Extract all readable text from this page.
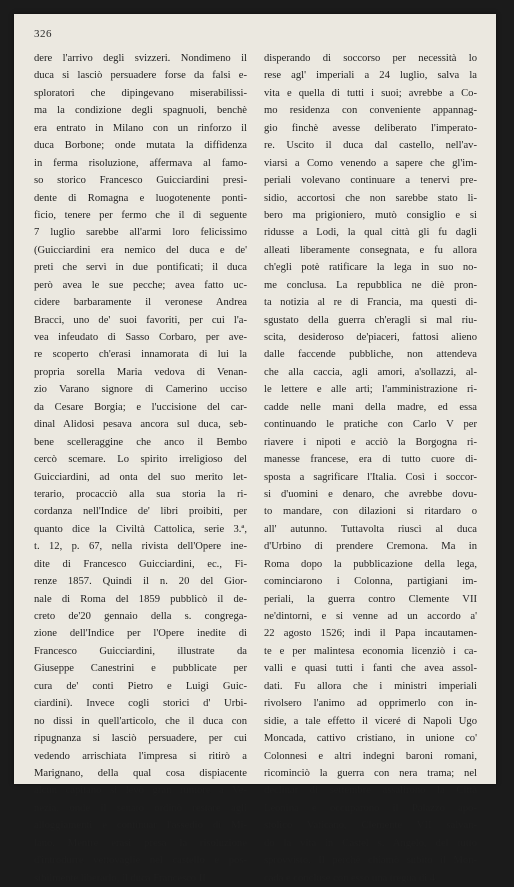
326
dere l'arrivo degli svizzeri. Nondimeno il
duca si lasciò persuadere forse da falsi e-
sploratori che dipingevano miserabilissi-
ma la condizione degli spagnuoli, benchè
era entrato in Milano con un rinforzo il
duca Borbone; onde mutata la diffidenza
in ferma risoluzione, affermava al famo-
so storico Francesco Guicciardini presi-
dente di Romagna e luogotenente ponti-
ficio, tenere per fermo che il dì seguente
7 luglio sarebbe all'armi loro felicissimo
(Guicciardini era nemico del duca e de'
preti che servì in due pontificati; il duca
però avea le sue pecche; avea fatto uc-
cidere barbaramente il veronese Andrea
Bracci, uno de' suoi favoriti, per cui l'a-
vea infeudato di Sasso Corbaro, per ave-
re scoperto ch'erasi innamorata di lui la
propria sorella Maria vedova di Venan-
zio Varano signore di Camerino ucciso
da Cesare Borgia; e l'uccisione del car-
dinal Alidosi pesava ancora sul duca, seb-
bene scelleraggine che anco il Bembo
cercò scemare. Lo spirito irreligioso del
Guicciardini, ad onta del suo merito let-
terario, procacciò alla sua storia la ri-
cordanza nell'Indice de' libri proibiti, per
quanto dice la Civiltà Cattolica, serie 3.ª,
t. 12, p. 67, nella rivista dell'Opere ine-
dite di Francesco Guicciardini, ec., Fi-
renze 1857. Quindi il n. 20 del Gior-
nale di Roma del 1859 pubblicò il de-
creto de'20 gennaio della s. congrega-
zione dell'Indice per l'Opere inedite di
Francesco Guicciardini, illustrate da
Giuseppe Canestrini e pubblicate per
cura de' conti Pietro e Luigi Guic-
ciardini). Invece cogli storici d' Urbi-
no dissi in quell'articolo, che il duca con
ripugnanza si lasciò persuadere, per cui
vedendo arrischiata l'impresa si ritirò a
Marignano, della qual cosa dispiacente
alcun capitano si levò gran rumore a Ve-
nezia, onde il senato ordinò restare agli
alloggiamenti e continuar l'assedio di Mi-
lano. Mentre erasi presa la risoluzione
d'introdurre vettovaglie nel castello e pos-
sibilmente liberarlo, il duca Francesco II
disperando di soccorso per necessità lo
rese agl' imperiali a 24 luglio, salva la
vita e quella di tutti i suoi; avrebbe a Co-
mo residenza con conveniente appannag-
gio finchè avesse deliberato l'imperato-
re. Uscito il duca dal castello, nell'av-
viarsi a Como venendo a sapere che gl'im-
periali volevano continuare a tenervi pre-
sidio, accortosi che non sarebbe stato li-
bero ma prigioniero, mutò consiglio e si
ridusse a Lodi, la qual città gli fu dagli
alleati liberamente consegnata, e fu allora
ch'egli potè ratificare la lega in suo no-
me conclusa. La repubblica ne diè pron-
ta notizia al re di Francia, ma questi di-
sgustato della guerra ch'eragli sì mal riu-
scita, desideroso de'piaceri, fattosi alieno
dalle faccende pubbliche, non attendeva
che alla caccia, agli amori, a'sollazzi, al-
le lettere e alle arti; l'amministrazione ri-
cadde nelle mani della madre, ed essa
continuando le pratiche con Carlo V per
riavere i nipoti e acciò la Borgogna ri-
manesse francese, era di tutto cuore di-
sposta a sagrificare l'Italia. Così i soccor-
si d'uomini e denaro, che avrebbe dovu-
to mandare, con dilazioni si ritardaro o
all' autunno. Tuttavolta riuscì al duca
d'Urbino di prendere Cremona. Ma in
Roma dopo la pubblicazione della lega,
cominciarono i Colonna, partigiani im-
periali, la guerra contro Clemente VII
ne'dintorni, e si venne ad un accordo a'
22 agosto 1526; indi il Papa incautamen-
te e per malintesa economia licenziò i ca-
valli e quasi tutti i fanti che avea assol-
dati. Fu allora che i ministri imperiali
rivolsero l'animo ad opprimerlo con in-
sidie, a tale effetto il viceré di Napoli Ugo
Moncada, cattivo cristiano, in unione co'
Colonnesi e altri indegni baroni romani,
ricominciò la guerra con nera trama; nel
declinar di settembre assalirono la Città
Leonina e occuparono il Palazzo apo-
stolico Vaticano, Clemente VII salvan-
do la vita in Castel s. Angelo, del tutto
sprovvisto. Il perchè chiamò subito il Mon-
cada e concluse con esso una tregua di 4
